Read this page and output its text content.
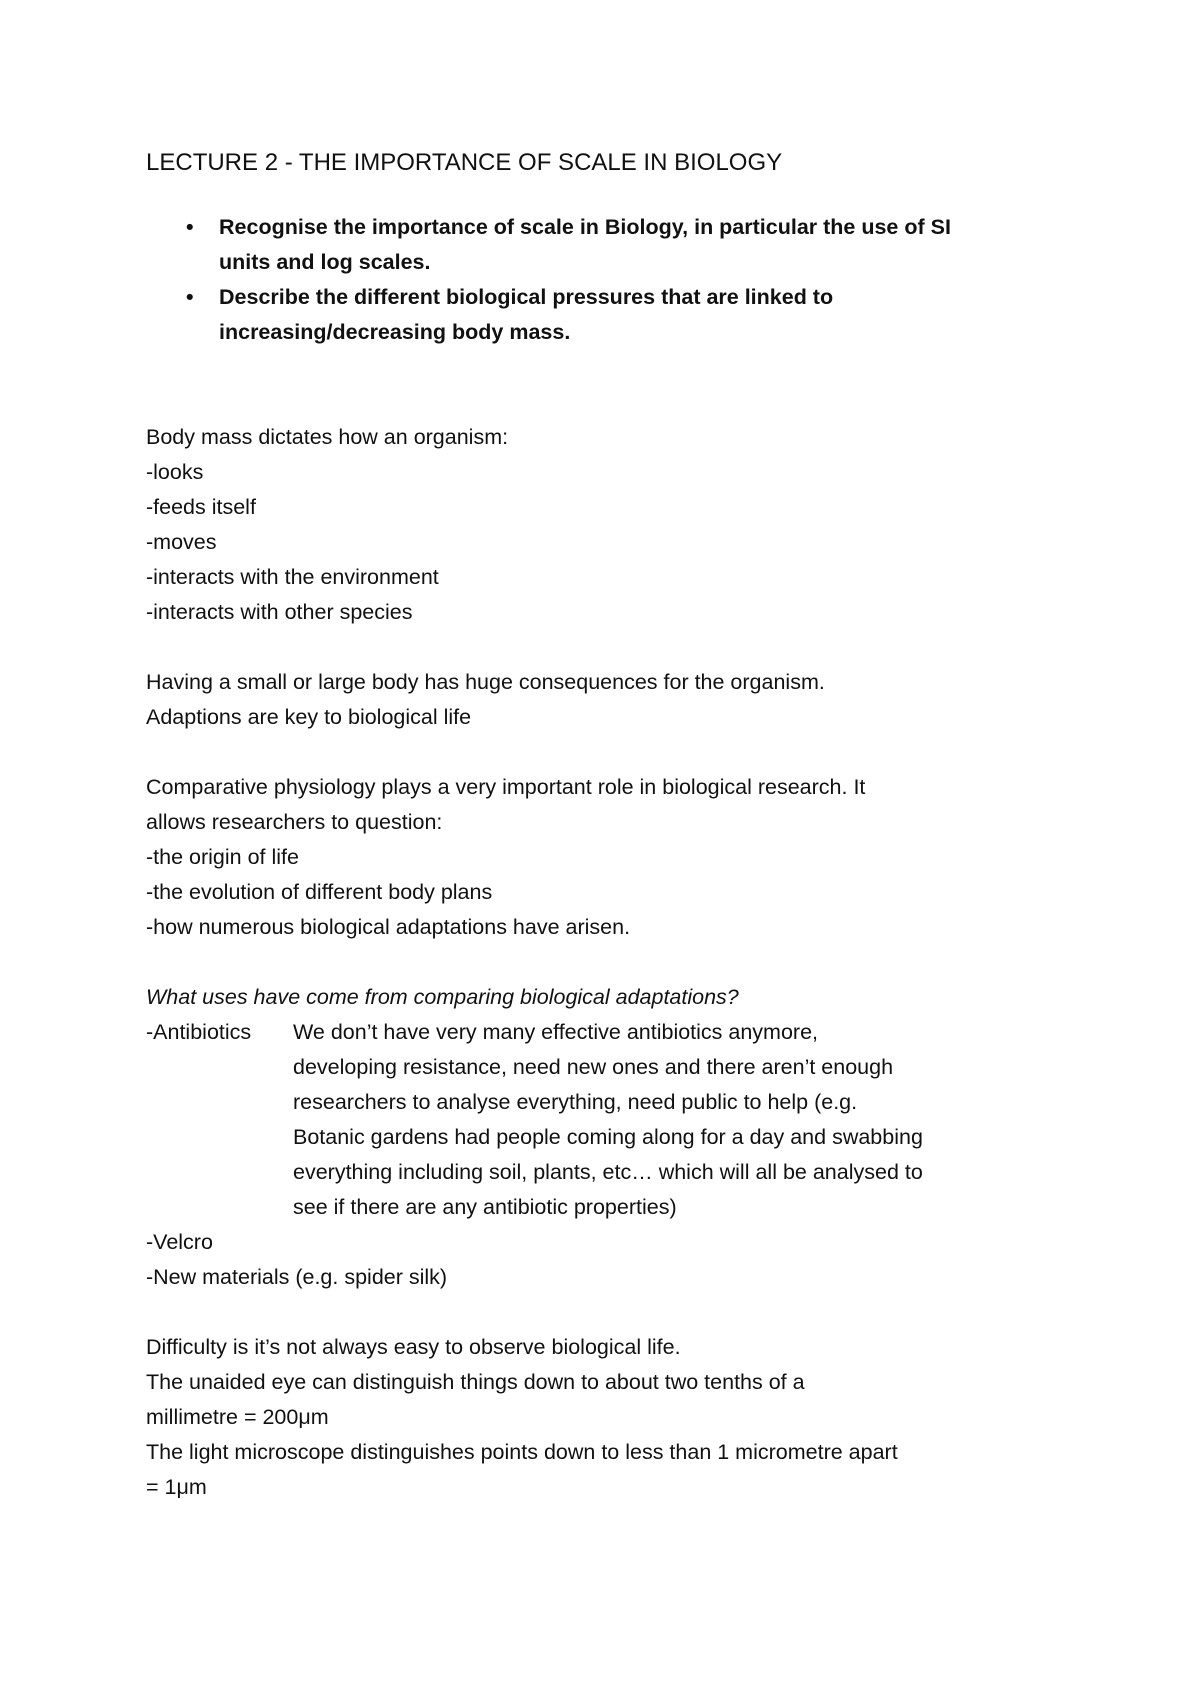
LECTURE 2 - THE IMPORTANCE OF SCALE IN BIOLOGY
• Recognise the importance of scale in Biology, in particular the use of SI
units and log scales.
• Describe the different biological pressures that are linked to
increasing/decreasing body mass.
Body mass dictates how an organism:
-looks
-feeds itself
-moves
-interacts with the environment
-interacts with other species
Having a small or large body has huge consequences for the organism.
Adaptions are key to biological life
Comparative physiology plays a very important role in biological research. It
allows researchers to question:
-the origin of life
-the evolution of different body plans
-how numerous biological adaptations have arisen.
What uses have come from comparing biological adaptations?
-Antibiotics	We don’t have very many effective antibiotics anymore,
developing resistance, need new ones and there aren’t enough
researchers to analyse everything, need public to help (e.g.
Botanic gardens had people coming along for a day and swabbing
everything including soil, plants, etc… which will all be analysed to
see if there are any antibiotic properties)
-Velcro
-New materials (e.g. spider silk)
Difficulty is it’s not always easy to observe biological life.
The unaided eye can distinguish things down to about two tenths of a
millimetre = 200μm
The light microscope distinguishes points down to less than 1 micrometre apart
= 1μm
